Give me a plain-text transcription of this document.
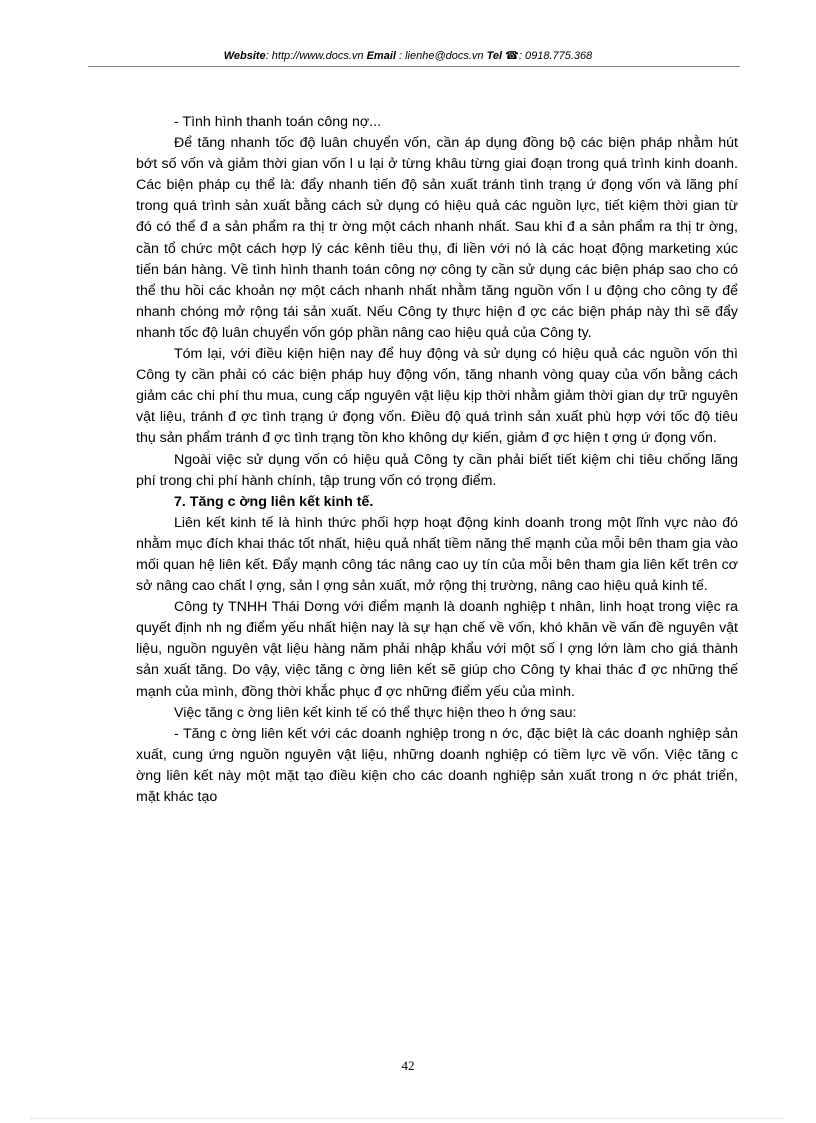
Website: http://www.docs.vn Email : lienhe@docs.vn Tel ☎: 0918.775.368

- Tình hình thanh toán công nợ...

Để tăng nhanh tốc độ luân chuyển vốn, cần áp dụng đồng bộ các biện pháp nhằm hút bớt số vốn và giảm thời gian vốn l u lại ở từng khâu từng giai đoạn trong quá trình kinh doanh. Các biện pháp cụ thể là: đẩy nhanh tiến độ sản xuất tránh tình trạng ứ đọng vốn và lãng phí trong quá trình sản xuất bằng cách sử dụng có hiệu quả các nguồn lực, tiết kiệm thời gian từ đó có thể đ a sản phẩm ra thị tr ờng một cách nhanh nhất. Sau khi đ a sản phẩm ra thị tr ờng, cần tổ chức một cách hợp lý các kênh tiêu thụ, đi liền với nó là các hoạt động marketing xúc tiến bán hàng. Về tình hình thanh toán công nợ công ty cần sử dụng các biện pháp sao cho có thể thu hồi các khoản nợ một cách nhanh nhất nhằm tăng nguồn vốn l u động cho công ty để nhanh chóng mở rộng tái sản xuất. Nếu Công ty thực hiện đ ợc các biện pháp này thì sẽ đẩy nhanh tốc độ luân chuyển vốn góp phần nâng cao hiệu quả của Công ty.

Tóm lại, với điều kiện hiện nay để huy động và sử dụng có hiệu quả các nguồn vốn thì Công ty cần phải có các biện pháp huy động vốn, tăng nhanh vòng quay của vốn bằng cách giảm các chi phí thu mua, cung cấp nguyên vật liệu kịp thời nhằm giảm thời gian dự trữ nguyên vật liệu, tránh đ ợc tình trạng ứ đọng vốn. Điều độ quá trình sản xuất phù hợp với tốc độ tiêu thụ sản phẩm tránh đ ợc tình trạng tồn kho không dự kiến, giảm đ ợc hiện t ợng ứ đọng vốn.

Ngoài việc sử dụng vốn có hiệu quả Công ty cần phải biết tiết kiệm chi tiêu chống lãng phí trong chi phí hành chính, tập trung vốn có trọng điểm.

7. Tăng c ờng liên kết kinh tế.

Liên kết kinh tế là hình thức phối hợp hoạt động kinh doanh trong một lĩnh vực nào đó nhằm mục đích khai thác tốt nhất, hiệu quả nhất tiềm năng thế mạnh của mỗi bên tham gia vào mối quan hệ liên kết. Đẩy mạnh công tác nâng cao uy tín của mỗi bên tham gia liên kết trên cơ sở nâng cao chất l ợng, sản l ợng sản xuất, mở rộng thị trường, nâng cao hiệu quả kinh tế.

Công ty TNHH Thái Dơng với điểm mạnh là doanh nghiệp t nhân, linh hoạt trong việc ra quyết định nh ng điểm yếu nhất hiện nay là sự hạn chế về vốn, khó khăn về vấn đề nguyên vật liệu, nguồn nguyên vật liệu hàng năm phải nhập khẩu với một số l ợng lớn làm cho giá thành sản xuất tăng. Do vậy, việc tăng c ờng liên kết sẽ giúp cho Công ty khai thác đ ợc những thế mạnh của mình, đồng thời khắc phục đ ợc những điểm yếu của mình.

Việc tăng c ờng liên kết kinh tế có thể thực hiện theo h ớng sau:

- Tăng c ờng liên kết với các doanh nghiệp trong n ớc, đặc biệt là các doanh nghiệp sản xuất, cung ứng nguồn nguyên vật liệu, những doanh nghiệp có tiềm lực về vốn. Việc tăng c ờng liên kết này một mặt tạo điều kiện cho các doanh nghiệp sản xuất trong n ớc phát triển, mặt khác tạo

42
